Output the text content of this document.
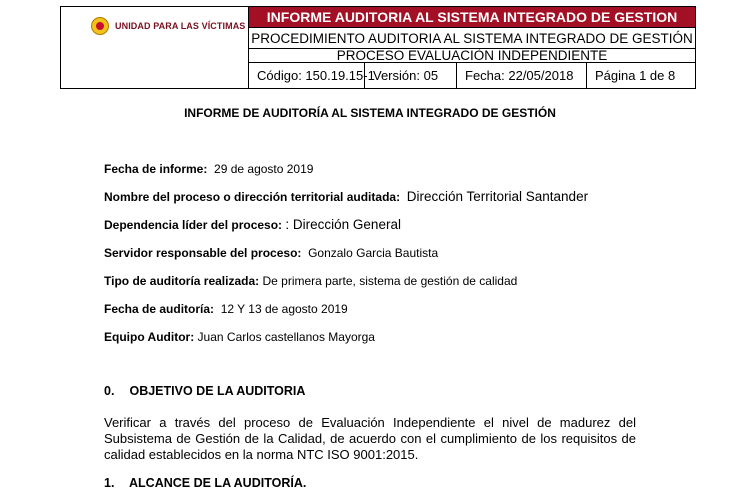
UNIDAD PARA LAS VÍCTIMAS
INFORME AUDITORIA AL SISTEMA INTEGRADO DE GESTION
PROCEDIMIENTO AUDITORIA AL SISTEMA INTEGRADO DE GESTIÓN
PROCESO EVALUACIÒN INDEPENDIENTE
Código: 150.19.15-1
Versión: 05	Fecha: 22/05/2018	Página 1 de 8
INFORME DE AUDITORÍA AL SISTEMA INTEGRADO DE GESTIÓN
Fecha de informe: 29 de agosto 2019
Nombre del proceso o dirección territorial auditada: Dirección Territorial Santander
Dependencia líder del proceso: : Dirección General
Servidor responsable del proceso: Gonzalo Garcia Bautista
Tipo de auditoría realizada: De primera parte, sistema de gestión de calidad
Fecha de auditoría: 12 Y 13 de agosto 2019
Equipo Auditor: Juan Carlos castellanos Mayorga
0. OBJETIVO DE LA AUDITORIA
Verificar a través del proceso de Evaluación Independiente el nivel de madurez del Subsistema de Gestión de la Calidad, de acuerdo con el cumplimiento de los requisitos de calidad establecidos en la norma NTC ISO 9001:2015.
1. ALCANCE DE LA AUDITORÍA.
